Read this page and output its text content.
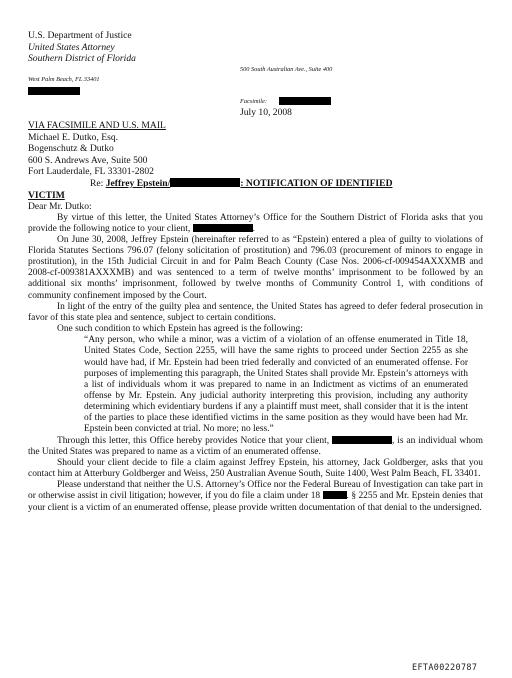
U.S. Department of Justice
United States Attorney
Southern District of Florida
500 South Australian Ave., Suite 400
West Palm Beach, FL 33401
Facsimile:
July 10, 2008
VIA FACSIMILE AND U.S. MAIL
Michael E. Dutko, Esq.
Bogenschutz & Dutko
600 S. Andrews Ave, Suite 500
Fort Lauderdale, FL 33301-2802
Re: Jeffrey Epstein/	: NOTIFICATION OF IDENTIFIED
VICTIM
Dear Mr. Dutko:

By virtue of this letter, the United States Attorney’s Office for the Southern District of Florida asks that you provide the following notice to your client,	.

On June 30, 2008, Jeffrey Epstein (hereinafter referred to as “Epstein) entered a plea of guilty to violations of Florida Statutes Sections 796.07 (felony solicitation of prostitution) and 796.03 (procurement of minors to engage in prostitution), in the 15th Judicial Circuit in and for Palm Beach County (Case Nos. 2006-cf-009454AXXXMB and 2008-cf-009381AXXXMB) and was sentenced to a term of twelve months’ imprisonment to be followed by an additional six months’ imprisonment, followed by twelve months of Community Control 1, with conditions of community confinement imposed by the Court.

In light of the entry of the guilty plea and sentence, the United States has agreed to defer federal prosecution in favor of this state plea and sentence, subject to certain conditions.

One such condition to which Epstein has agreed is the following:

“Any person, who while a minor, was a victim of a violation of an offense enumerated in Title 18, United States Code, Section 2255, will have the same rights to proceed under Section 2255 as she would have had, if Mr. Epstein had been tried federally and convicted of an enumerated offense. For purposes of implementing this paragraph, the United States shall provide Mr. Epstein’s attorneys with a list of individuals whom it was prepared to name in an Indictment as victims of an enumerated offense by Mr. Epstein. Any judicial authority interpreting this provision, including any authority determining which evidentiary burdens if any a plaintiff must meet, shall consider that it is the intent of the parties to place these identified victims in the same position as they would have been had Mr. Epstein been convicted at trial. No more; no less.”

Through this letter, this Office hereby provides Notice that your client,	, is an individual whom the United States was prepared to name as a victim of an enumerated offense.

Should your client decide to file a claim against Jeffrey Epstein, his attorney, Jack Goldberger, asks that you contact him at Atterbury Goldberger and Weiss, 250 Australian Avenue South, Suite 1400, West Palm Beach, FL 33401.

Please understand that neither the U.S. Attorney’s Office nor the Federal Bureau of Investigation can take part in or otherwise assist in civil litigation; however, if you do file a claim under 18	. § 2255 and Mr. Epstein denies that your client is a victim of an enumerated offense, please provide written documentation of that denial to the undersigned.

EFTA00220787
